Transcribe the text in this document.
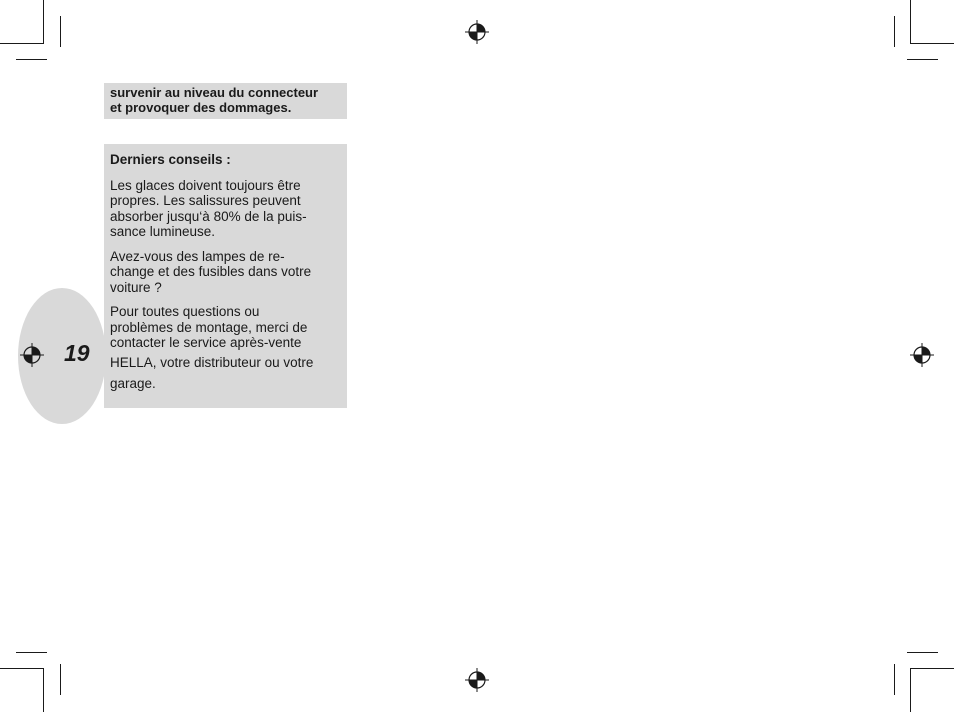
19
survenir au niveau du connecteur
et provoquer des dommages.
Derniers conseils :

Les glaces doivent toujours être
propres. Les salissures peuvent
absorber jusqu‘à 80% de la puis-
sance lumineuse.

Avez-vous des lampes de re-
change et des fusibles dans votre
voiture ?

Pour toutes questions ou
problèmes de montage, merci de
contacter le service après-vente
HELLA, votre distributeur ou votre
garage.
